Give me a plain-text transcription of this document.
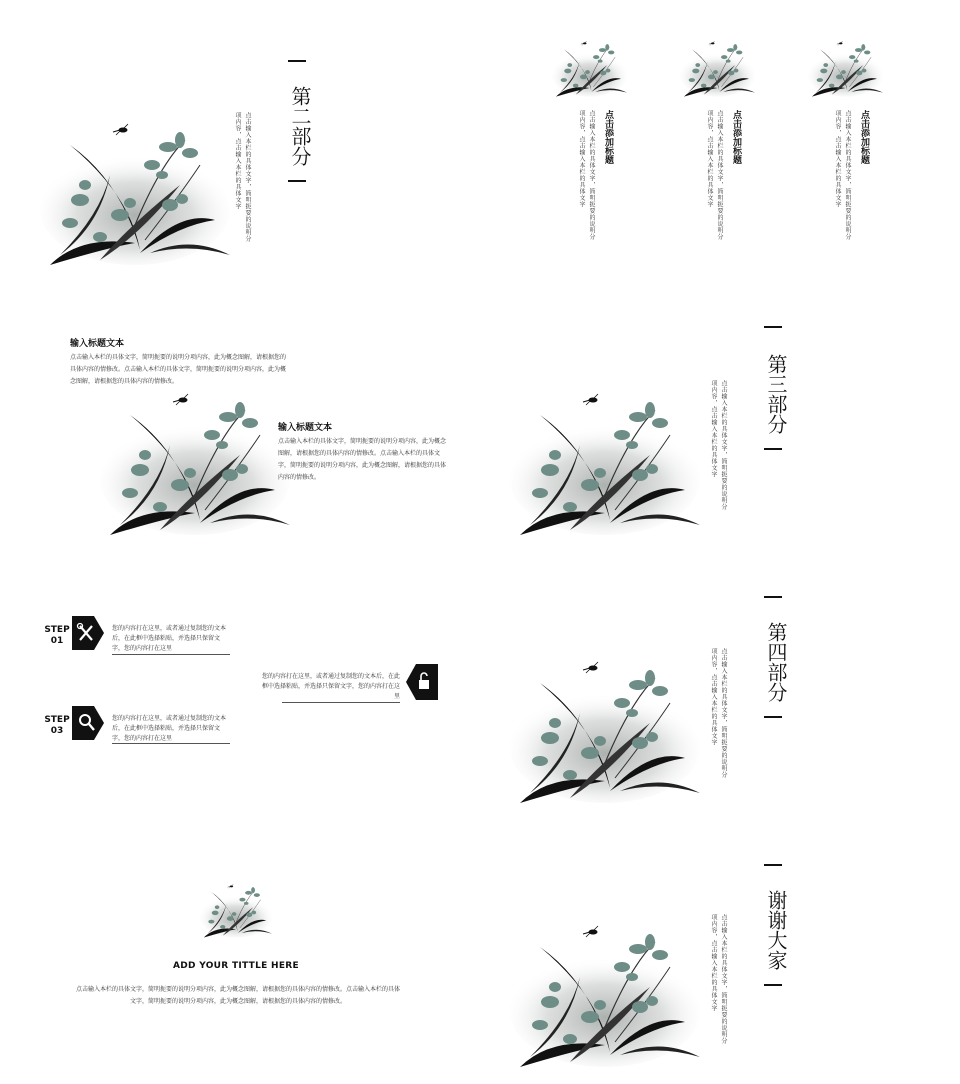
第二部分
点击输入本栏的具体文字，简明扼要的说明分项内容，点击输入本栏的具体文字	点击添加标题
点击输入本栏的具体文字，简明扼要的说明分项内容，点击输入本栏的具体文字	点击添加标题
点击输入本栏的具体文字，简明扼要的说明分项内容，点击输入本栏的具体文字	点击添加标题
点击输入本栏的具体文字，简明扼要的说明分项内容，点击输入本栏的具体文字
输入标题文本
点击输入本栏的具体文字，简明扼要的说明分项内容，此为概念图解，请根据您的具体内容的情修改。点击输入本栏的具体文字，简明扼要的说明分项内容，此为概念图解，请根据您的具体内容的情修改。
输入标题文本
点击输入本栏的具体文字，简明扼要的说明分项内容，此为概念图解，请根据您的具体内容的情修改。点击输入本栏的具体文字，简明扼要的说明分项内容，此为概念图解，请根据您的具体内容的情修改。
第三部分
点击输入本栏的具体文字，简明扼要的说明分项内容，点击输入本栏的具体文字
STEP
01
您的内容打在这里，或者通过复制您的文本后，在此框中选择粘贴，并选择只保留文字，您的内容打在这里
您的内容打在这里，或者通过复制您的文本后，在此框中选择粘贴，并选择只保留文字，您的内容打在这里
STEP
03
您的内容打在这里，或者通过复制您的文本后，在此框中选择粘贴，并选择只保留文字，您的内容打在这里
第四部分
点击输入本栏的具体文字，简明扼要的说明分项内容，点击输入本栏的具体文字
ADD YOUR TITTLE HERE
点击输入本栏的具体文字，简明扼要的说明分项内容，此为概念图解，请根据您的具体内容的情修改。点击输入本栏的具体文字，简明扼要的说明分项内容，此为概念图解，请根据您的具体内容的情修改。
谢谢大家
点击输入本栏的具体文字，简明扼要的说明分项内容，点击输入本栏的具体文字
